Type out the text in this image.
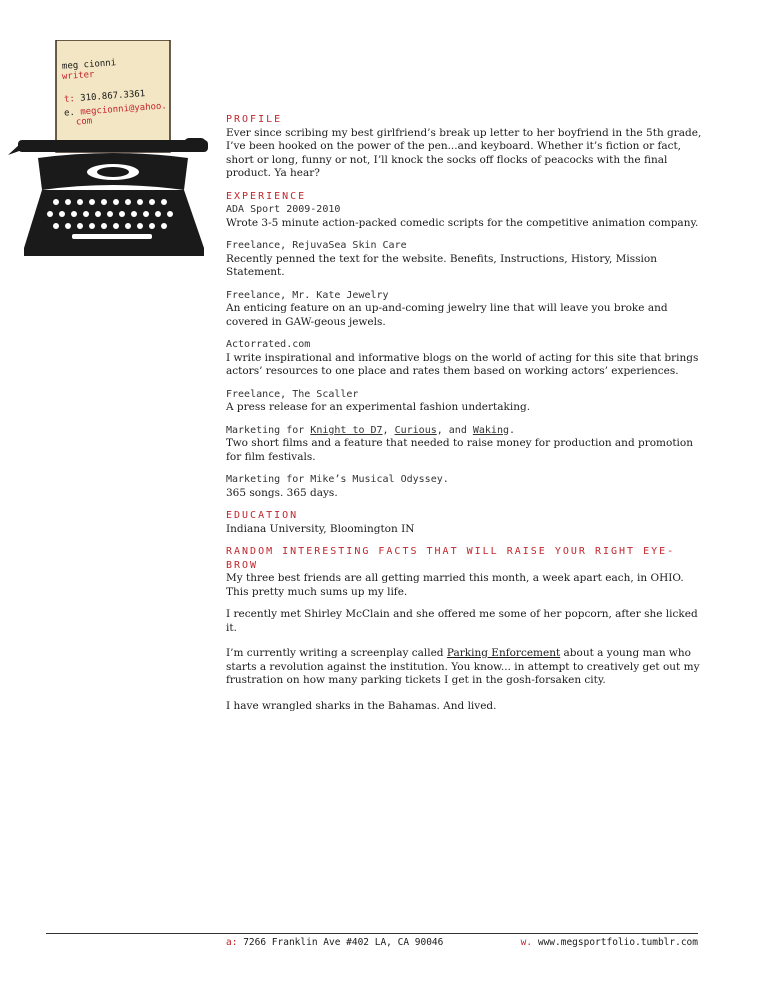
meg cionni
writer
t: 310.867.3361
e. megcionni@yahoo.
com	PROFILE

Ever since scribing my best girlfriend’s break up letter to her boyfriend in the 5th grade, I’ve been hooked on the power of the pen...and keyboard. Whether it’s fiction or fact, short or long, funny or not, I’ll knock the socks off flocks of peacocks with the final product. Ya hear?

EXPERIENCE

ADA Sport 2009-2010

Wrote 3-5 minute action-packed comedic scripts for the competitive animation company.

Freelance, RejuvaSea Skin Care

Recently penned the text for the website. Benefits, Instructions, History, Mission Statement.

Freelance, Mr. Kate Jewelry

An enticing feature on an up-and-coming jewelry line that will leave you broke and covered in GAW-geous jewels.

Actorrated.com

I write inspirational and informative blogs on the world of acting for this site that brings actors’ resources to one place and rates them based on working actors’ experiences.

Freelance, The Scaller

A press release for an experimental fashion undertaking.

Marketing for Knight to D7, Curious, and Waking.

Two short films and a feature that needed to raise money for production and promotion for film festivals.

Marketing for Mike’s Musical Odyssey.

365 songs. 365 days.

EDUCATION

Indiana University, Bloomington IN

RANDOM INTERESTING FACTS THAT WILL RAISE YOUR RIGHT EYE-BROW

My three best friends are all getting married this month, a week apart each, in OHIO. This pretty much sums up my life.

I recently met Shirley McClain and she offered me some of her popcorn, after she licked it.

I’m currently writing a screenplay called Parking Enforcement about a young man who starts a revolution against the institution. You know... in attempt to creatively get out my frustration on how many parking tickets I get in the gosh-forsaken city.

I have wrangled sharks in the Bahamas. And lived.

a: 7266 Franklin Ave #402 LA, CA 90046	w. www.megsportfolio.tumblr.com
